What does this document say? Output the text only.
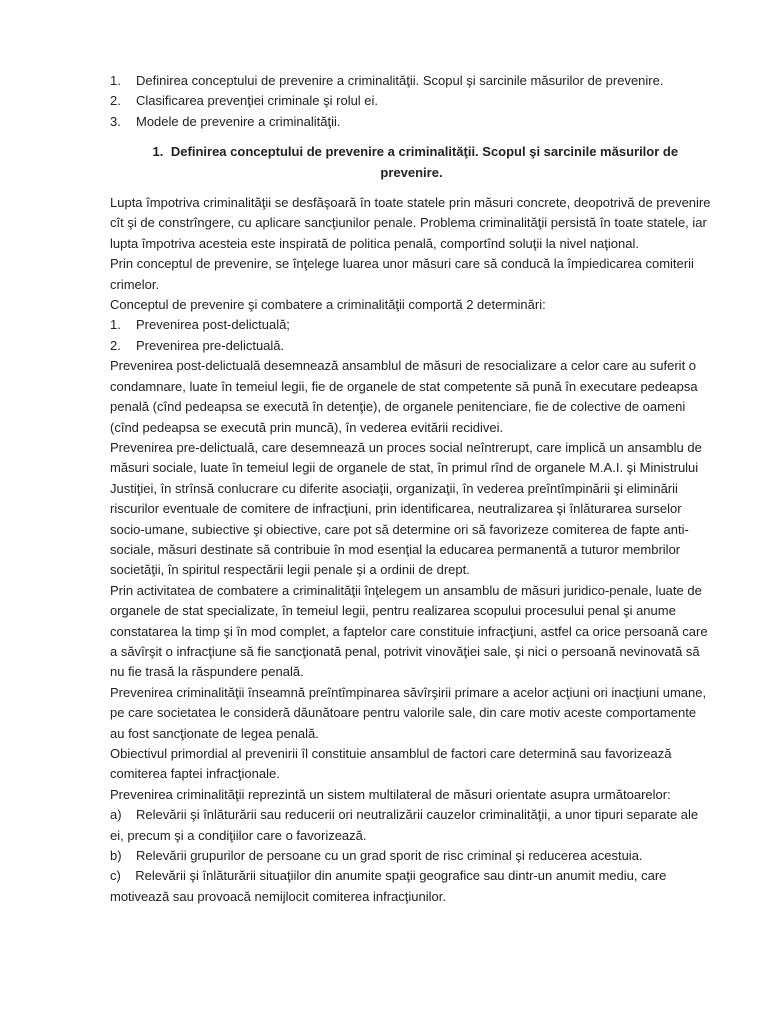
1.	Definirea conceptului de prevenire a criminalităţii. Scopul şi sarcinile măsurilor de prevenire.
2.	Clasificarea prevenţiei criminale şi rolul ei.
3.	Modele de prevenire a criminalităţii.

1. Definirea conceptului de prevenire a criminalităţii. Scopul şi sarcinile măsurilor de

prevenire.

Lupta împotriva criminalităţii se desfăşoară în toate statele prin măsuri concrete, deopotrivă de prevenire cît şi de constrîngere, cu aplicare sancţiunilor penale. Problema criminalităţii persistă în toate statele, iar lupta împotriva acesteia este inspirată de politica penală, comportînd soluţii la nivel naţional.

Prin conceptul de prevenire, se înţelege luarea unor măsuri care să conducă la împiedicarea comiterii crimelor.

Conceptul de prevenire şi combatere a criminalităţii comportă 2 determinări:

1.	Prevenirea post-delictuală;
2.	Prevenirea pre-delictuală.

Prevenirea post-delictuală desemnează ansamblul de măsuri de resocializare a celor care au suferit o condamnare, luate în temeiul legii, fie de organele de stat competente să pună în executare pedeapsa penală (cînd pedeapsa se execută în detenţie), de organele penitenciare, fie de colective de oameni (cînd pedeapsa se execută prin muncă), în vederea evitării recidivei.

Prevenirea pre-delictuală, care desemnează un proces social neîntrerupt, care implică un ansamblu de măsuri sociale, luate în temeiul legii de organele de stat, în primul rînd de organele M.A.I. şi Ministrului Justiţiei, în strînsă conlucrare cu diferite asociaţii, organizaţii, în vederea preîntîmpinării şi eliminării riscurilor eventuale de comitere de infracţiuni, prin identificarea, neutralizarea şi înlăturarea surselor socio-umane, subiective şi obiective, care pot să determine ori să favorizeze comiterea de fapte anti-sociale, măsuri destinate să contribuie în mod esenţial la educarea permanentă a tuturor membrilor societăţii, în spiritul respectării legii penale şi a ordinii de drept.

Prin activitatea de combatere a criminalităţii înţelegem un ansamblu de măsuri juridico-penale, luate de organele de stat specializate, în temeiul legii, pentru realizarea scopului procesului penal şi anume constatarea la timp şi în mod complet, a faptelor care constituie infracţiuni, astfel ca orice persoană care a săvîrşit o infracţiune să fie sancţionată penal, potrivit vinovăţiei sale, şi nici o persoană nevinovată să nu fie trasă la răspundere penală.

Prevenirea criminalităţii înseamnă preîntîmpinarea săvîrşirii primare a acelor acţiuni ori inacţiuni umane, pe care societatea le consideră dăunătoare pentru valorile sale, din care motiv aceste comportamente au fost sancţionate de legea penală.

Obiectivul primordial al prevenirii îl constituie ansamblul de factori care determină sau favorizează comiterea faptei infracţionale.

Prevenirea criminalităţii reprezintă un sistem multilateral de măsuri orientate asupra următoarelor:

a) Relevării şi înlăturării sau reducerii ori neutralizării cauzelor criminalităţii, a unor tipuri separate ale ei, precum şi a condiţiilor care o favorizează.

b) Relevării grupurilor de persoane cu un grad sporit de risc criminal şi reducerea acestuia.

c) Relevării şi înlăturării situaţiilor din anumite spaţii geografice sau dintr-un anumit mediu, care motivează sau provoacă nemijlocit comiterea infracţiunilor.
